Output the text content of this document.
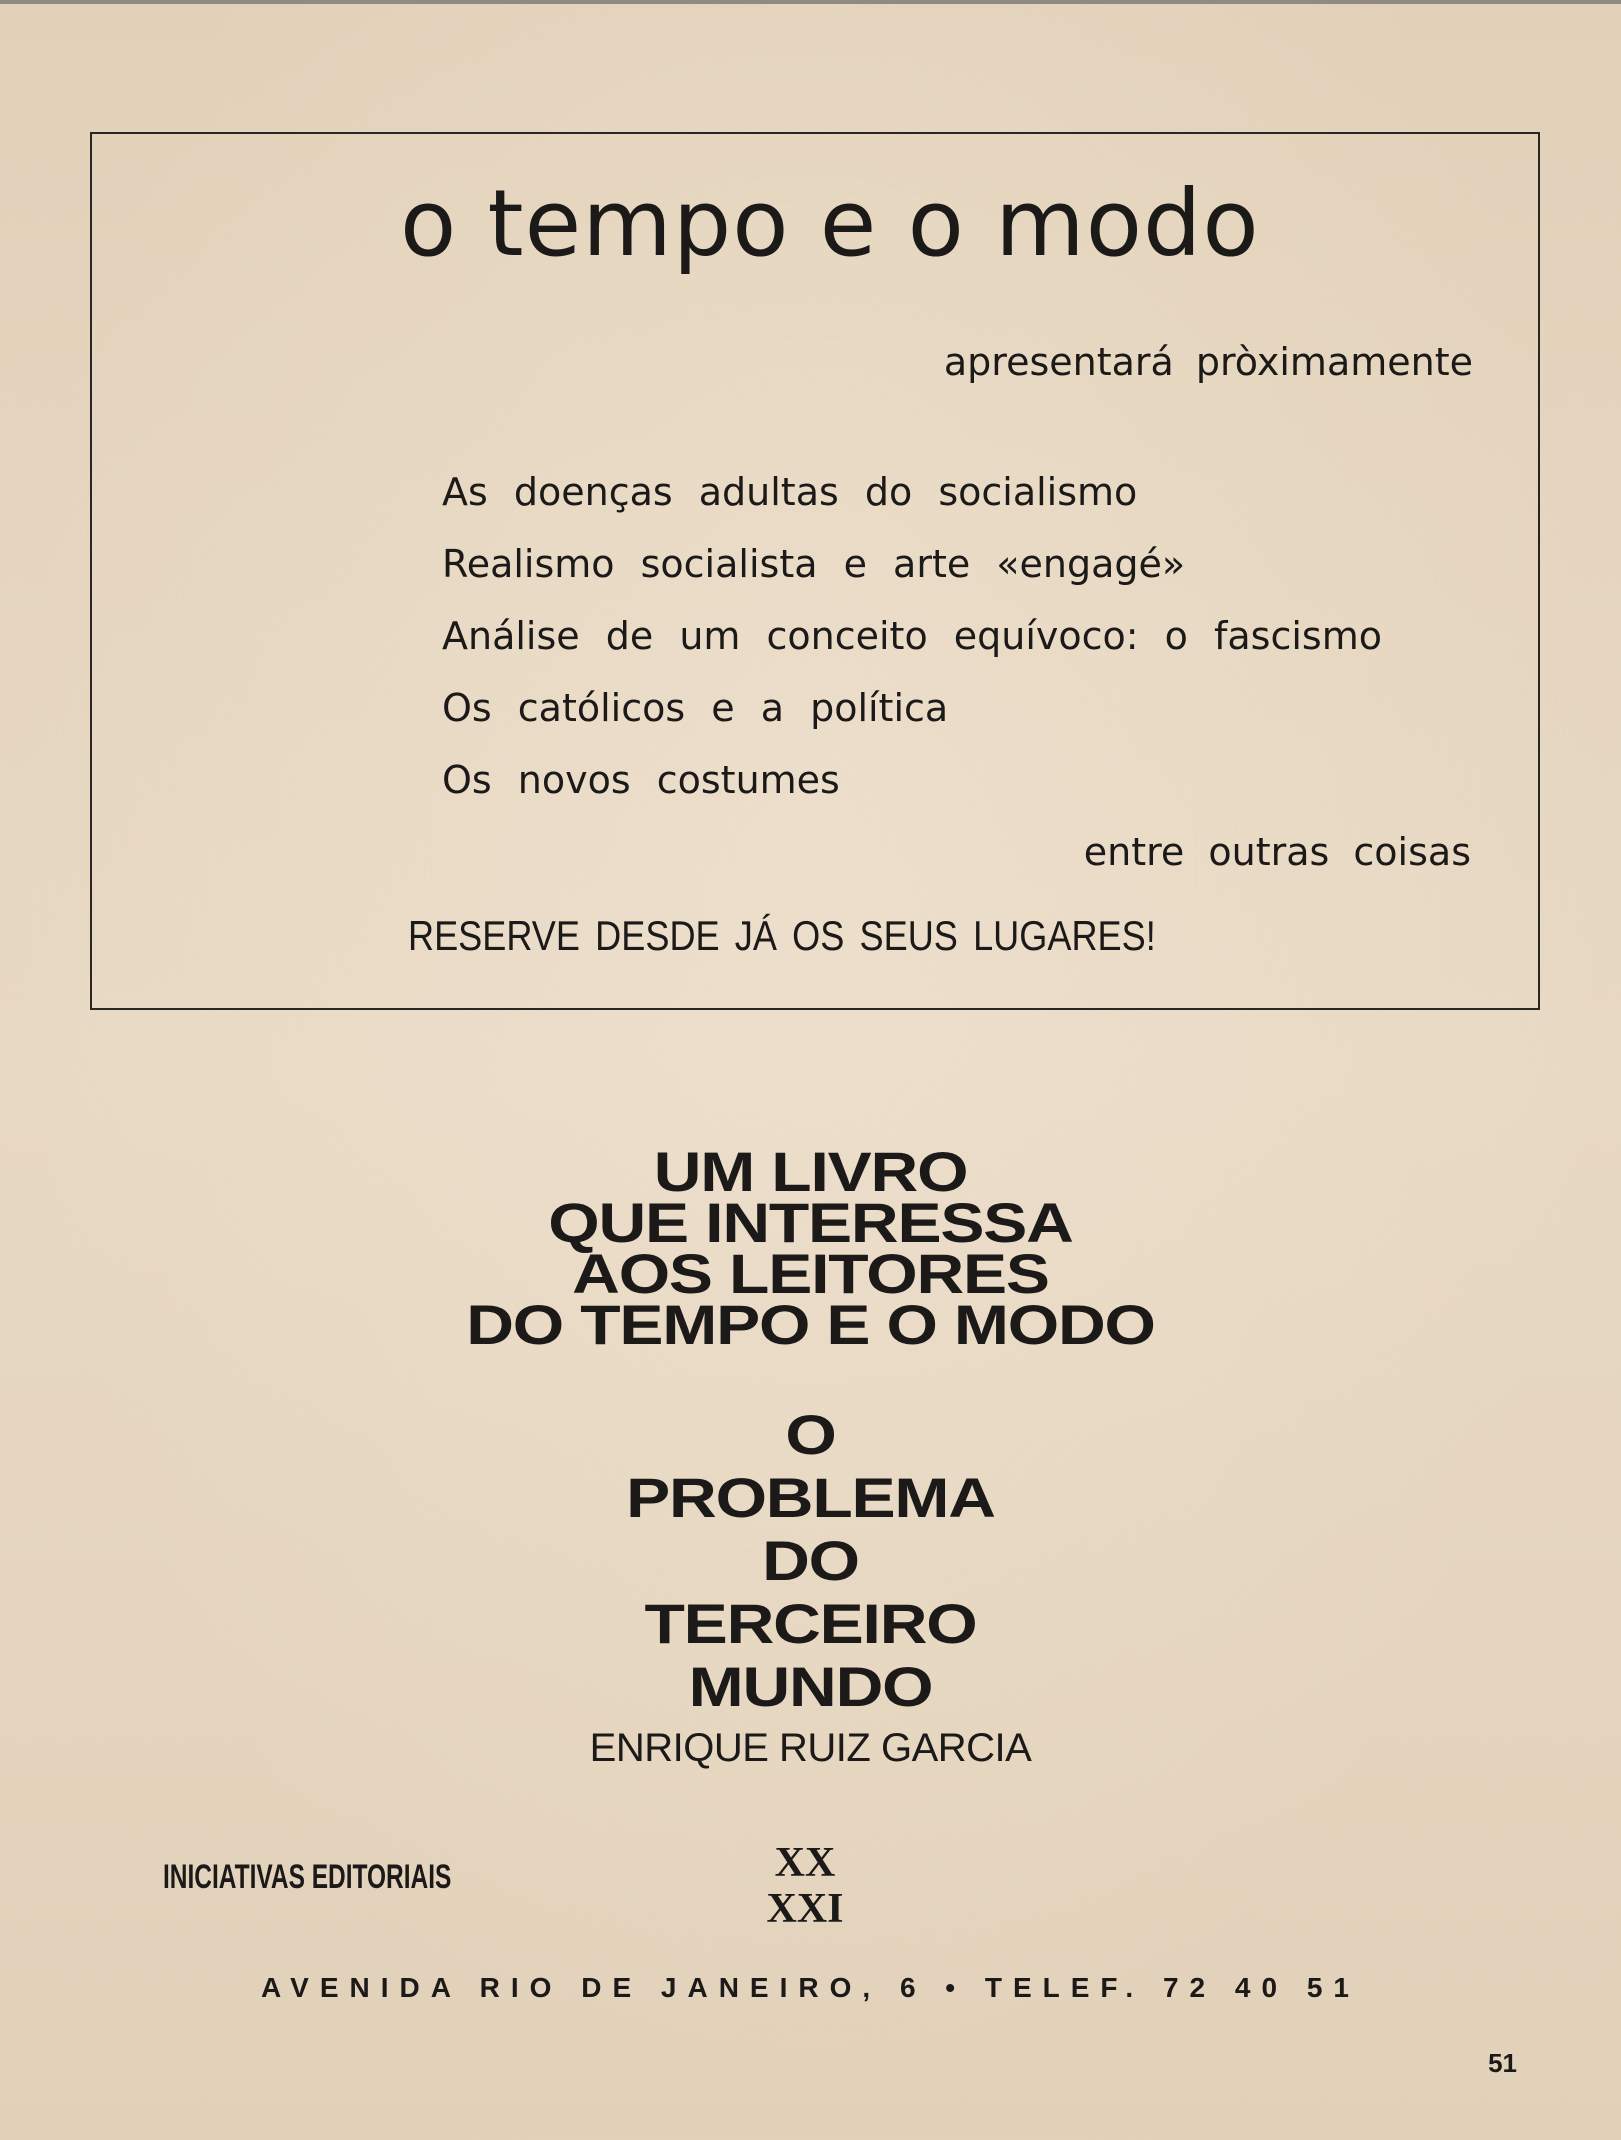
o tempo e o modo
apresentará pròximamente
As doenças adultas do socialismo
Realismo socialista e arte «engagé»
Análise de um conceito equívoco: o fascismo
Os católicos e a política
Os novos costumes
entre outras coisas
RESERVE DESDE JÁ OS SEUS LUGARES!
UM LIVRO
QUE INTERESSA
AOS LEITORES
DO TEMPO E O MODO
O
PROBLEMA
DO
TERCEIRO
MUNDO
ENRIQUE RUIZ GARCIA
INICIATIVAS EDITORIAIS	XX
XXI
AVENIDA RIO DE JANEIRO, 6 • TELEF. 72 40 51
51
